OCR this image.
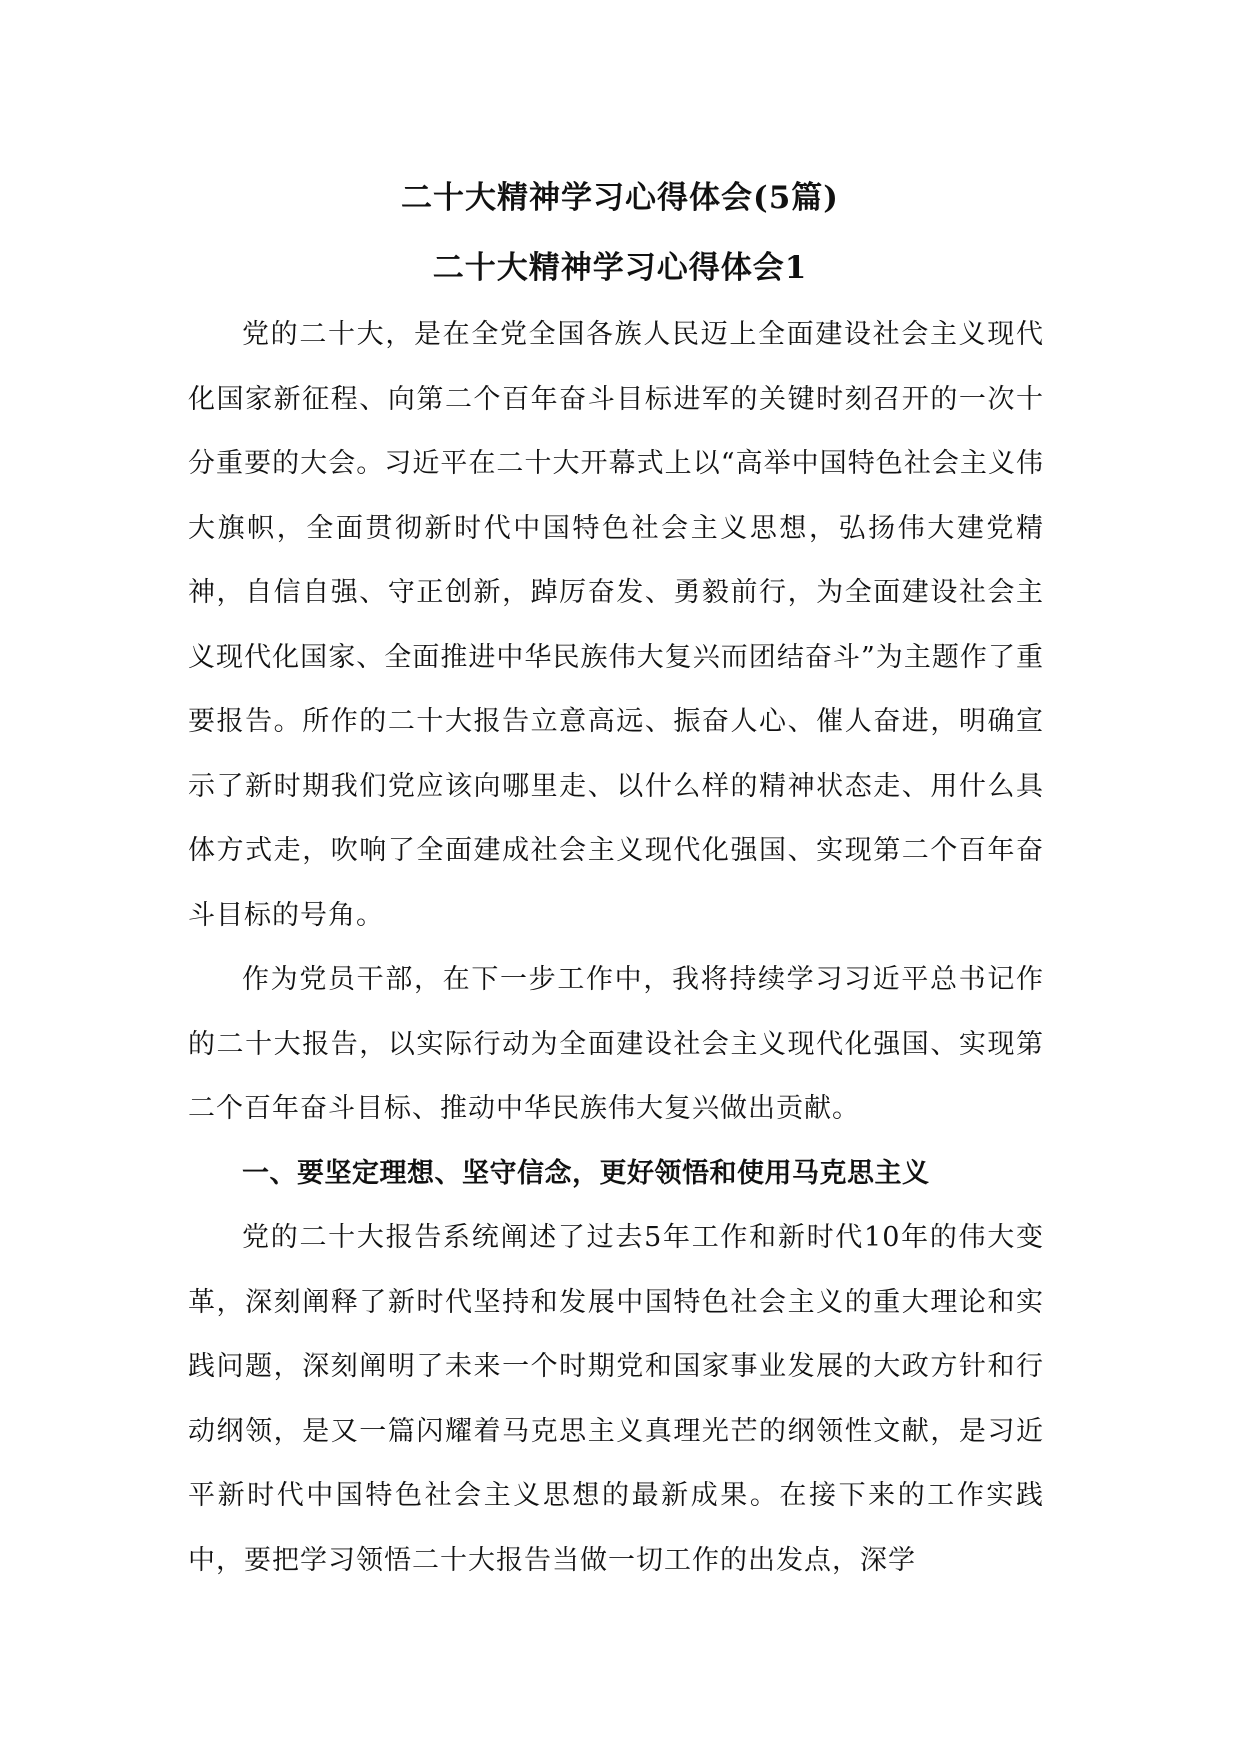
二十大精神学习心得体会(5篇)
二十大精神学习心得体会1

党的二十大，是在全党全国各族人民迈上全面建设社会主义现代化国家新征程、向第二个百年奋斗目标进军的关键时刻召开的一次十分重要的大会。习近平在二十大开幕式上以“高举中国特色社会主义伟大旗帜，全面贯彻新时代中国特色社会主义思想，弘扬伟大建党精神，自信自强、守正创新，踔厉奋发、勇毅前行，为全面建设社会主义现代化国家、全面推进中华民族伟大复兴而团结奋斗”为主题作了重要报告。所作的二十大报告立意高远、振奋人心、催人奋进，明确宣示了新时期我们党应该向哪里走、以什么样的精神状态走、用什么具体方式走，吹响了全面建成社会主义现代化强国、实现第二个百年奋斗目标的号角。

作为党员干部，在下一步工作中，我将持续学习习近平总书记作的二十大报告，以实际行动为全面建设社会主义现代化强国、实现第二个百年奋斗目标、推动中华民族伟大复兴做出贡献。

一、要坚定理想、坚守信念，更好领悟和使用马克思主义

党的二十大报告系统阐述了过去5年工作和新时代10年的伟大变革，深刻阐释了新时代坚持和发展中国特色社会主义的重大理论和实践问题，深刻阐明了未来一个时期党和国家事业发展的大政方针和行动纲领，是又一篇闪耀着马克思主义真理光芒的纲领性文献，是习近平新时代中国特色社会主义思想的最新成果。在接下来的工作实践中，要把学习领悟二十大报告当做一切工作的出发点，深学
